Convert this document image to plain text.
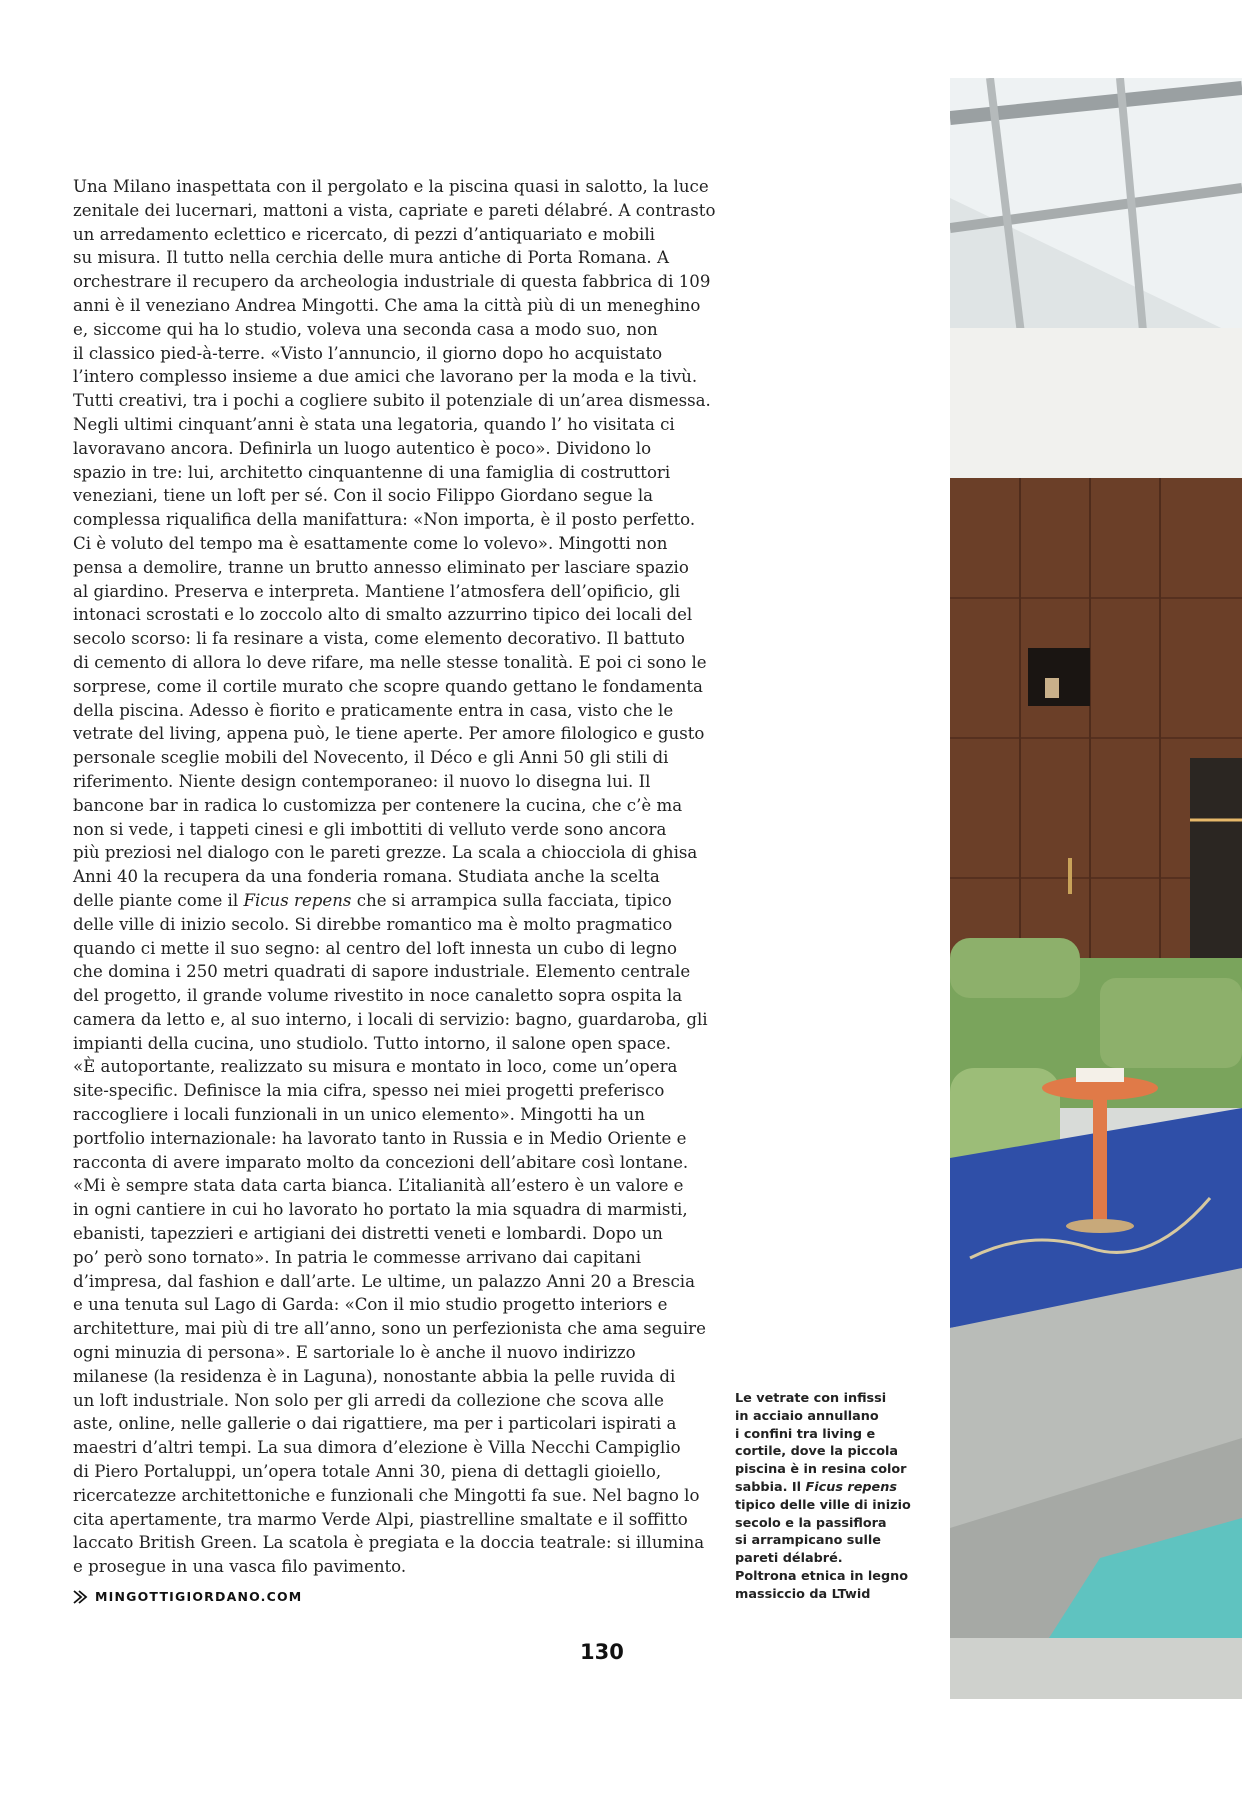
Una Milano inaspettata con il pergolato e la piscina quasi in salotto, la luce
zenitale dei lucernari, mattoni a vista, capriate e pareti délabré. A contrasto
un arredamento eclettico e ricercato, di pezzi d’antiquariato e mobili
su misura. Il tutto nella cerchia delle mura antiche di Porta Romana. A
orchestrare il recupero da archeologia industriale di questa fabbrica di 109
anni è il veneziano Andrea Mingotti. Che ama la città più di un meneghino
e, siccome qui ha lo studio, voleva una seconda casa a modo suo, non
il classico pied-à-terre. «Visto l’annuncio, il giorno dopo ho acquistato
l’intero complesso insieme a due amici che lavorano per la moda e la tivù.
Tutti creativi, tra i pochi a cogliere subito il potenziale di un’area dismessa.
Negli ultimi cinquant’anni è stata una legatoria, quando l’ ho visitata ci
lavoravano ancora. Definirla un luogo autentico è poco». Dividono lo
spazio in tre: lui, architetto cinquantenne di una famiglia di costruttori
veneziani, tiene un loft per sé. Con il socio Filippo Giordano segue la
complessa riqualifica della manifattura: «Non importa, è il posto perfetto.
Ci è voluto del tempo ma è esattamente come lo volevo». Mingotti non
pensa a demolire, tranne un brutto annesso eliminato per lasciare spazio
al giardino. Preserva e interpreta. Mantiene l’atmosfera dell’opificio, gli
intonaci scrostati e lo zoccolo alto di smalto azzurrino tipico dei locali del
secolo scorso: li fa resinare a vista, come elemento decorativo. Il battuto
di cemento di allora lo deve rifare, ma nelle stesse tonalità. E poi ci sono le
sorprese, come il cortile murato che scopre quando gettano le fondamenta
della piscina. Adesso è fiorito e praticamente entra in casa, visto che le
vetrate del living, appena può, le tiene aperte. Per amore filologico e gusto
personale sceglie mobili del Novecento, il Déco e gli Anni 50 gli stili di
riferimento. Niente design contemporaneo: il nuovo lo disegna lui. Il
bancone bar in radica lo customizza per contenere la cucina, che c’è ma
non si vede, i tappeti cinesi e gli imbottiti di velluto verde sono ancora
più preziosi nel dialogo con le pareti grezze. La scala a chiocciola di ghisa
Anni 40 la recupera da una fonderia romana. Studiata anche la scelta
delle piante come il Ficus repens che si arrampica sulla facciata, tipico
delle ville di inizio secolo. Si direbbe romantico ma è molto pragmatico
quando ci mette il suo segno: al centro del loft innesta un cubo di legno
che domina i 250 metri quadrati di sapore industriale. Elemento centrale
del progetto, il grande volume rivestito in noce canaletto sopra ospita la
camera da letto e, al suo interno, i locali di servizio: bagno, guardaroba, gli
impianti della cucina, uno studiolo. Tutto intorno, il salone open space.
«È autoportante, realizzato su misura e montato in loco, come un’opera
site-specific. Definisce la mia cifra, spesso nei miei progetti preferisco
raccogliere i locali funzionali in un unico elemento». Mingotti ha un
portfolio internazionale: ha lavorato tanto in Russia e in Medio Oriente e
racconta di avere imparato molto da concezioni dell’abitare così lontane.
«Mi è sempre stata data carta bianca. L’italianità all’estero è un valore e
in ogni cantiere in cui ho lavorato ho portato la mia squadra di marmisti,
ebanisti, tapezzieri e artigiani dei distretti veneti e lombardi. Dopo un
po’ però sono tornato». In patria le commesse arrivano dai capitani
d’impresa, dal fashion e dall’arte. Le ultime, un palazzo Anni 20 a Brescia
e una tenuta sul Lago di Garda: «Con il mio studio progetto interiors e
architetture, mai più di tre all’anno, sono un perfezionista che ama seguire
ogni minuzia di persona». E sartoriale lo è anche il nuovo indirizzo
milanese (la residenza è in Laguna), nonostante abbia la pelle ruvida di
un loft industriale. Non solo per gli arredi da collezione che scova alle
aste, online, nelle gallerie o dai rigattiere, ma per i particolari ispirati a
maestri d’altri tempi. La sua dimora d’elezione è Villa Necchi Campiglio
di Piero Portaluppi, un’opera totale Anni 30, piena di dettagli gioiello,
ricercatezze architettoniche e funzionali che Mingotti fa sue. Nel bagno lo
cita apertamente, tra marmo Verde Alpi, piastrelline smaltate e il soffitto
laccato British Green. La scatola è pregiata e la doccia teatrale: si illumina
e prosegue in una vasca filo pavimento.
MINGOTTIGIORDANO.COM
Le vetrate con infissi
in acciaio annullano
i confini tra living e
cortile, dove la piccola
piscina è in resina color
sabbia. Il Ficus repens
tipico delle ville di inizio
secolo e la passiflora
si arrampicano sulle
pareti délabré.
Poltrona etnica in legno
massiccio da LTwid
130
